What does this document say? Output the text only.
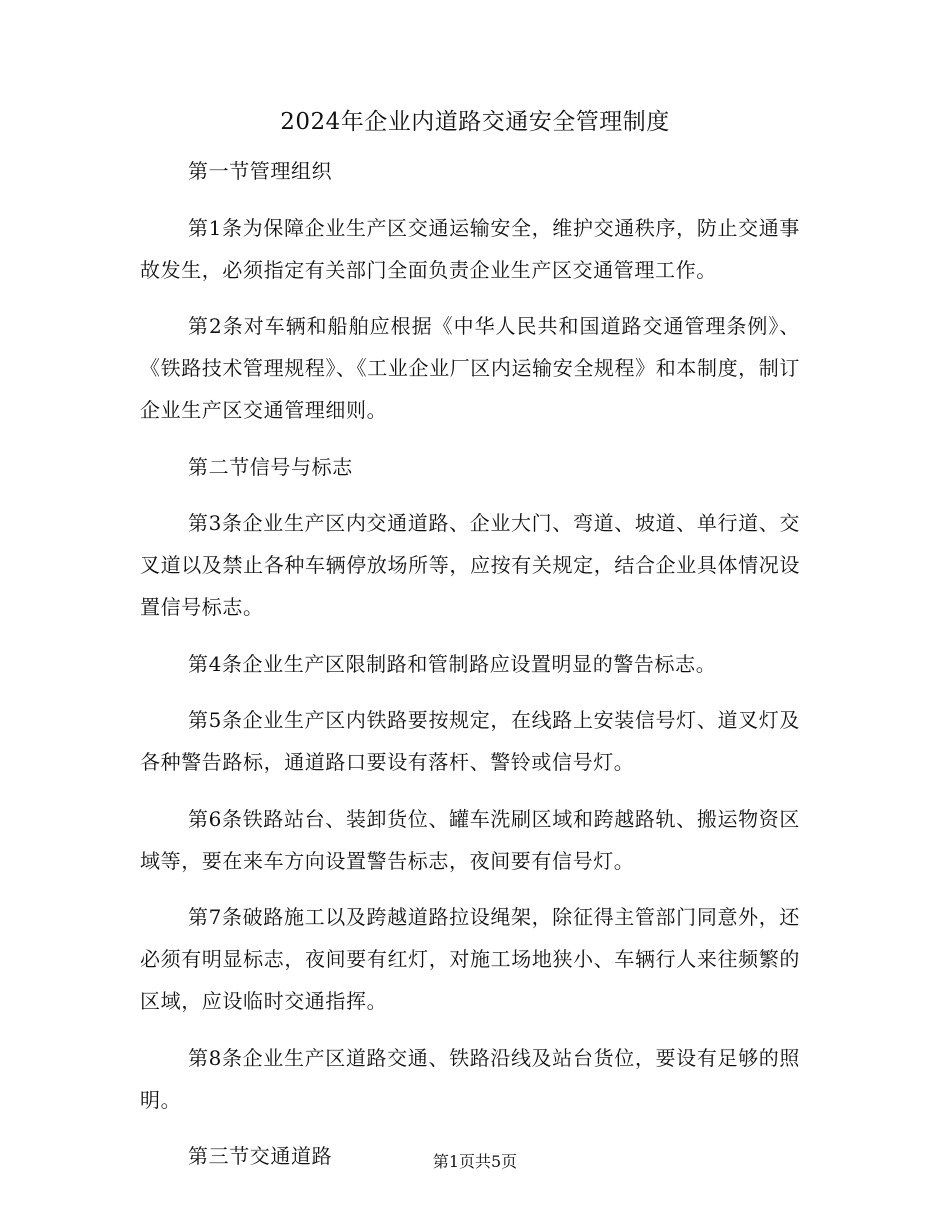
2024年企业内道路交通安全管理制度

第一节管理组织

第1条为保障企业生产区交通运输安全，维护交通秩序，防止交通事故发生，必须指定有关部门全面负责企业生产区交通管理工作。

第2条对车辆和船舶应根据《中华人民共和国道路交通管理条例》、《铁路技术管理规程》、《工业企业厂区内运输安全规程》和本制度，制订企业生产区交通管理细则。

第二节信号与标志

第3条企业生产区内交通道路、企业大门、弯道、坡道、单行道、交叉道以及禁止各种车辆停放场所等，应按有关规定，结合企业具体情况设置信号标志。

第4条企业生产区限制路和管制路应设置明显的警告标志。

第5条企业生产区内铁路要按规定，在线路上安装信号灯、道叉灯及各种警告路标，通道路口要设有落杆、警铃或信号灯。

第6条铁路站台、装卸货位、罐车洗刷区域和跨越路轨、搬运物资区域等，要在来车方向设置警告标志，夜间要有信号灯。

第7条破路施工以及跨越道路拉设绳架，除征得主管部门同意外，还必须有明显标志，夜间要有红灯，对施工场地狭小、车辆行人来往频繁的区域，应设临时交通指挥。

第8条企业生产区道路交通、铁路沿线及站台货位，要设有足够的照明。

第三节交通道路	第1页共5页
